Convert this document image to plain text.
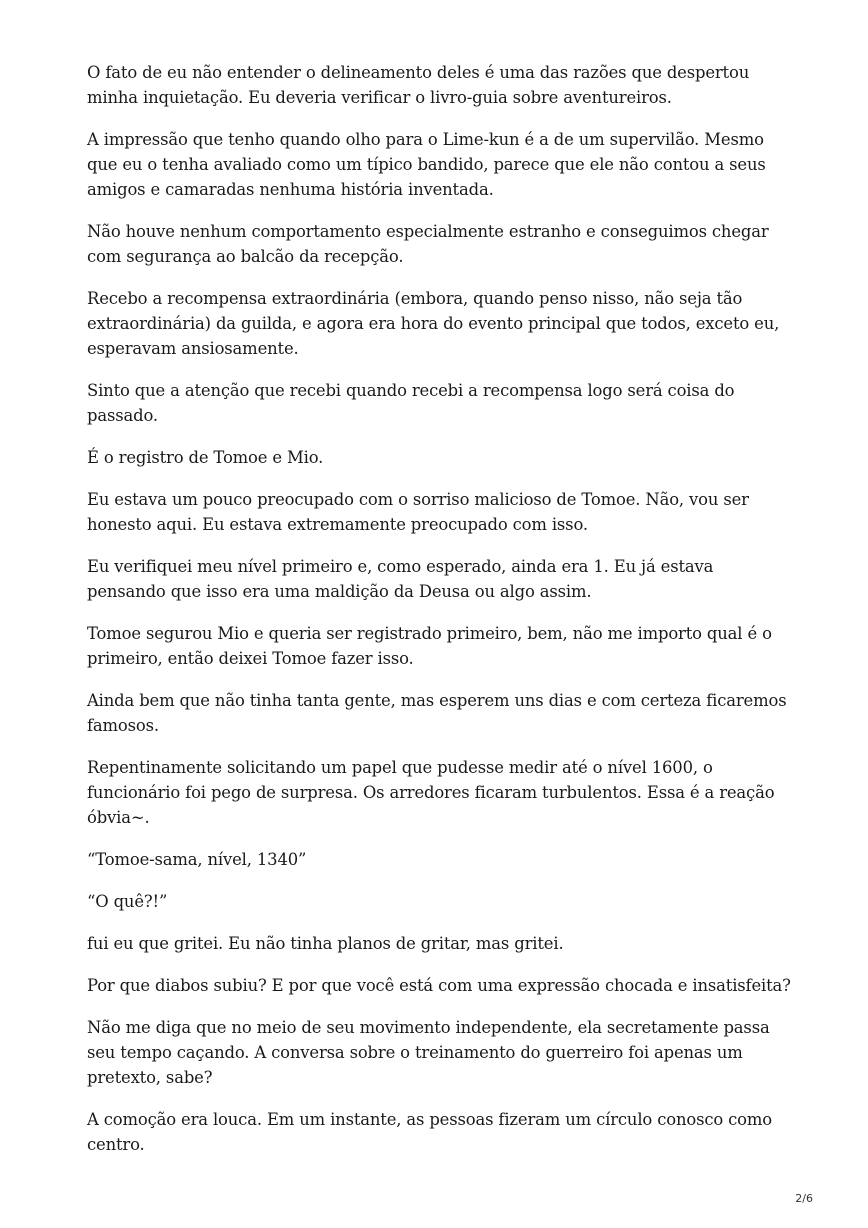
O fato de eu não entender o delineamento deles é uma das razões que despertou minha inquietação. Eu deveria verificar o livro-guia sobre aventureiros.

A impressão que tenho quando olho para o Lime-kun é a de um supervilão. Mesmo que eu o tenha avaliado como um típico bandido, parece que ele não contou a seus amigos e camaradas nenhuma história inventada.

Não houve nenhum comportamento especialmente estranho e conseguimos chegar com segurança ao balcão da recepção.

Recebo a recompensa extraordinária (embora, quando penso nisso, não seja tão extraordinária) da guilda, e agora era hora do evento principal que todos, exceto eu, esperavam ansiosamente.

Sinto que a atenção que recebi quando recebi a recompensa logo será coisa do passado.

É o registro de Tomoe e Mio.

Eu estava um pouco preocupado com o sorriso malicioso de Tomoe. Não, vou ser honesto aqui. Eu estava extremamente preocupado com isso.

Eu verifiquei meu nível primeiro e, como esperado, ainda era 1. Eu já estava pensando que isso era uma maldição da Deusa ou algo assim.

Tomoe segurou Mio e queria ser registrado primeiro, bem, não me importo qual é o primeiro, então deixei Tomoe fazer isso.

Ainda bem que não tinha tanta gente, mas esperem uns dias e com certeza ficaremos famosos.

Repentinamente solicitando um papel que pudesse medir até o nível 1600, o funcionário foi pego de surpresa. Os arredores ficaram turbulentos. Essa é a reação óbvia~.

“Tomoe-sama, nível, 1340”

“O quê?!”

fui eu que gritei. Eu não tinha planos de gritar, mas gritei.

Por que diabos subiu? E por que você está com uma expressão chocada e insatisfeita?

Não me diga que no meio de seu movimento independente, ela secretamente passa seu tempo caçando. A conversa sobre o treinamento do guerreiro foi apenas um pretexto, sabe?

A comoção era louca. Em um instante, as pessoas fizeram um círculo conosco como centro.

2/6
